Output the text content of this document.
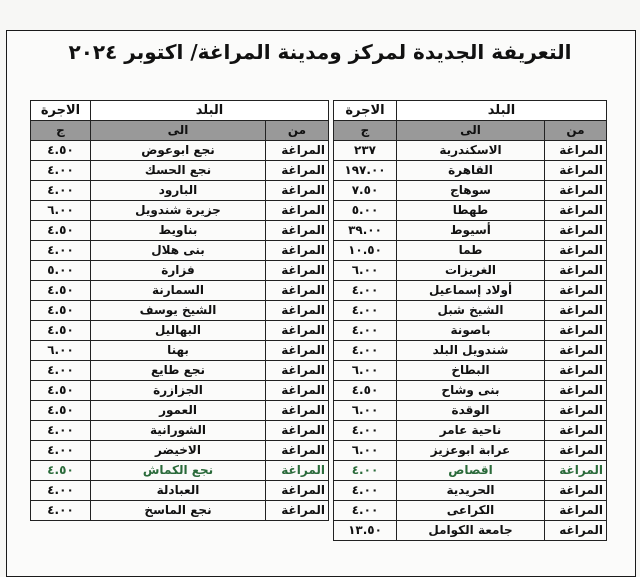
التعريفة الجديدة لمركز ومدينة المراغة/ اكتوبر ٢٠٢٤
البلد		الاجرة
من	الى	ج
المراغة	الاسكندرية	٢٣٧
المراغة	القاهرة	١٩٧.٠٠
المراغة	سوهاج	٧.٥٠
المراغة	طهطا	٥.٠٠
المراغة	أسيوط	٣٩.٠٠
المراغة	طما	١٠.٥٠
المراغة	الغريزات	٦.٠٠
المراغة	أولاد إسماعيل	٤.٠٠
المراغة	الشيخ شبل	٤.٠٠
المراغة	باصونة	٤.٠٠
المراغة	شندويل البلد	٤.٠٠
المراغة	البطاخ	٦.٠٠
المراغة	بنى وشاح	٤.٥٠
المراغة	الوقدة	٦.٠٠
المراغة	ناحية عامر	٤.٠٠
المراغة	عرابة ابوعزيز	٦.٠٠
المراغة	اقصاص	٤.٠٠
المراغة	الحريدية	٤.٠٠
المراغة	الكراعى	٤.٠٠
المراغه	جامعة الكوامل	١٣.٥٠
البلد		الاجرة
من	الى	ج
المراغة	نجع ابوعوض	٤.٥٠
المراغة	نجع الحسك	٤.٠٠
المراغة	البارود	٤.٠٠
المراغة	جزيرة شندويل	٦.٠٠
المراغة	بناويط	٤.٥٠
المراغة	بنى هلال	٤.٠٠
المراغة	فزارة	٥.٠٠
المراغة	السمارنة	٤.٥٠
المراغة	الشيخ يوسف	٤.٥٠
المراغة	البهاليل	٤.٥٠
المراغة	بهنا	٦.٠٠
المراغة	نجع طايع	٤.٠٠
المراغة	الجزازرة	٤.٥٠
المراغة	العمور	٤.٥٠
المراغة	الشورانية	٤.٠٠
المراغة	الاخيضر	٤.٠٠
المراغة	نجع الكماش	٤.٥٠
المراغة	العبادلة	٤.٠٠
المراغة	نجع الماسخ	٤.٠٠
